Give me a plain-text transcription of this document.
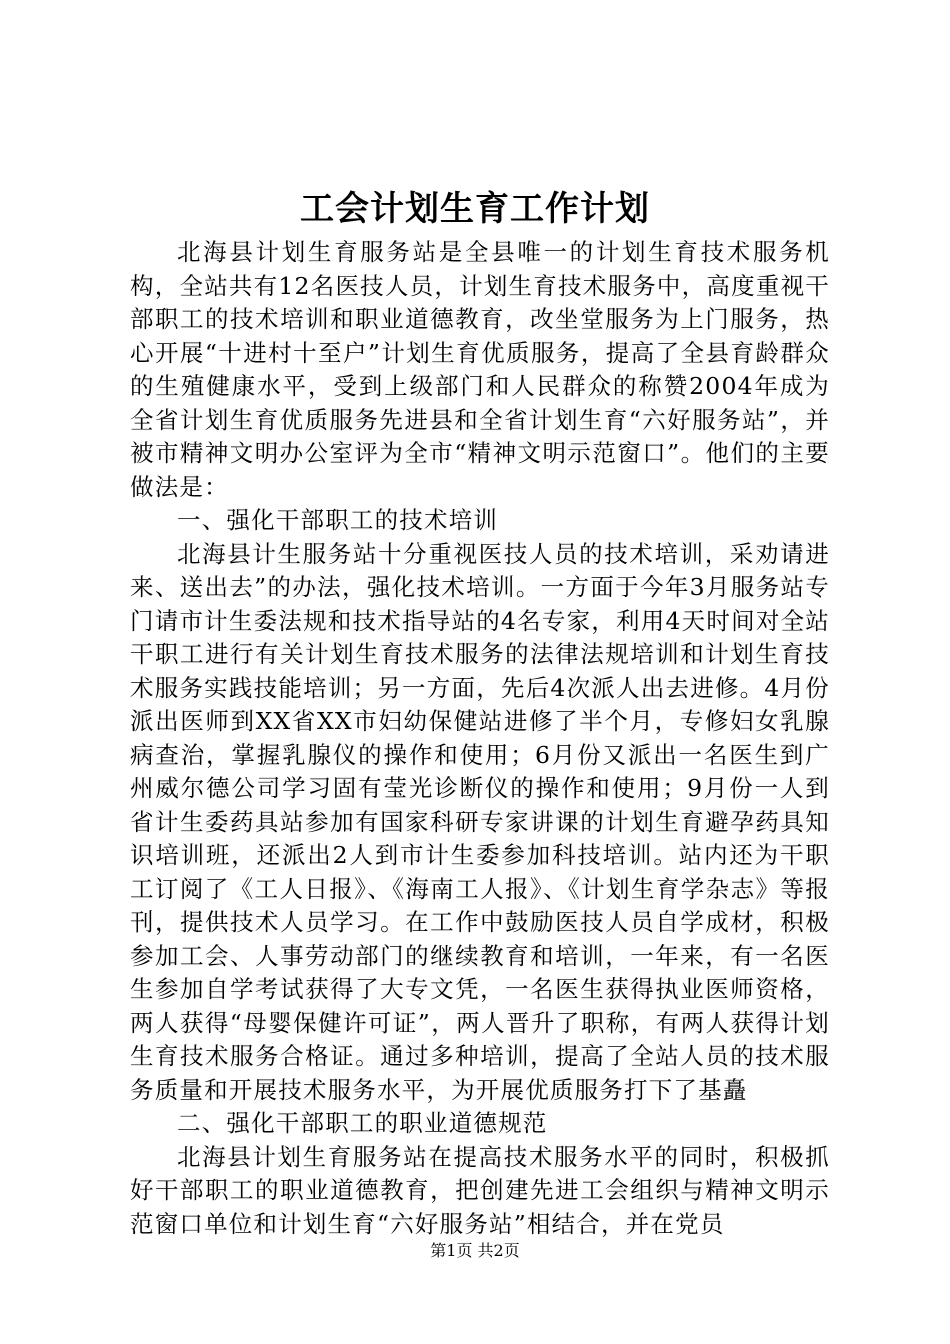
工会计划生育工作计划

北海县计划生育服务站是全县唯一的计划生育技术服务机构，全站共有12名医技人员，计划生育技术服务中，高度重视干部职工的技术培训和职业道德教育，改坐堂服务为上门服务，热心开展“十进村十至户”计划生育优质服务，提高了全县育龄群众的生殖健康水平，受到上级部门和人民群众的称赞2004年成为全省计划生育优质服务先进县和全省计划生育“六好服务站”，并被市精神文明办公室评为全市“精神文明示范窗口”。他们的主要做法是：

一、强化干部职工的技术培训

北海县计生服务站十分重视医技人员的技术培训，采劝请进来、送出去”的办法，强化技术培训。一方面于今年3月服务站专门请市计生委法规和技术指导站的4名专家，利用4天时间对全站干职工进行有关计划生育技术服务的法律法规培训和计划生育技术服务实践技能培训；另一方面，先后4次派人出去进修。4月份派出医师到XX省XX市妇幼保健站进修了半个月，专修妇女乳腺病查治，掌握乳腺仪的操作和使用；6月份又派出一名医生到广州威尔德公司学习固有莹光诊断仪的操作和使用；9月份一人到省计生委药具站参加有国家科研专家讲课的计划生育避孕药具知识培训班，还派出2人到市计生委参加科技培训。站内还为干职工订阅了《工人日报》、《海南工人报》、《计划生育学杂志》等报刊，提供技术人员学习。在工作中鼓励医技人员自学成材，积极参加工会、人事劳动部门的继续教育和培训，一年来，有一名医生参加自学考试获得了大专文凭，一名医生获得执业医师资格，两人获得“母婴保健许可证”，两人晋升了职称，有两人获得计划生育技术服务合格证。通过多种培训，提高了全站人员的技术服务质量和开展技术服务水平，为开展优质服务打下了基矗

二、强化干部职工的职业道德规范

北海县计划生育服务站在提高技术服务水平的同时，积极抓好干部职工的职业道德教育，把创建先进工会组织与精神文明示范窗口单位和计划生育“六好服务站”相结合，并在党员

第1页 共2页
